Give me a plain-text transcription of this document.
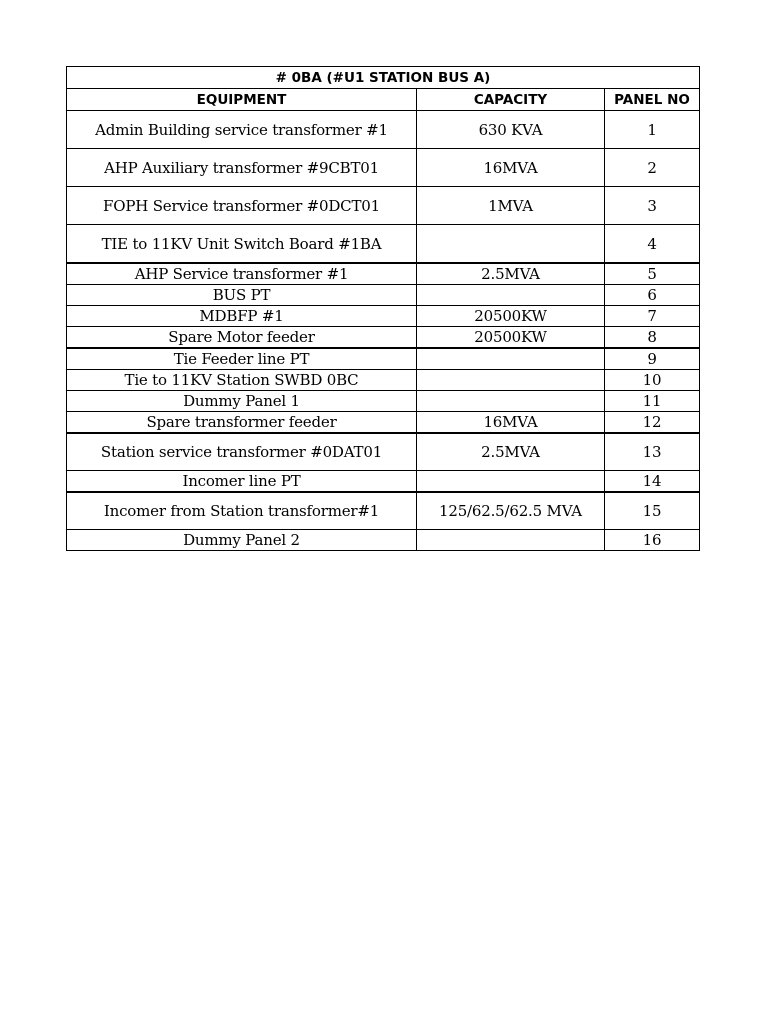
# 0BA (#U1 STATION BUS A)		
EQUIPMENT	CAPACITY	PANEL NO
Admin Building service transformer #1	630 KVA	1
AHP Auxiliary transformer #9CBT01	16MVA	2
FOPH Service transformer #0DCT01	1MVA	3
TIE to 11KV Unit Switch Board #1BA		4
AHP Service transformer #1	2.5MVA	5
BUS PT		6
MDBFP #1	20500KW	7
Spare Motor feeder	20500KW	8
Tie Feeder line PT		9
Tie to 11KV Station SWBD 0BC		10
Dummy Panel 1		11
Spare transformer feeder	16MVA	12
Station service transformer #0DAT01	2.5MVA	13
Incomer line PT		14
Incomer from Station transformer#1	125/62.5/62.5 MVA	15
Dummy Panel 2		16
